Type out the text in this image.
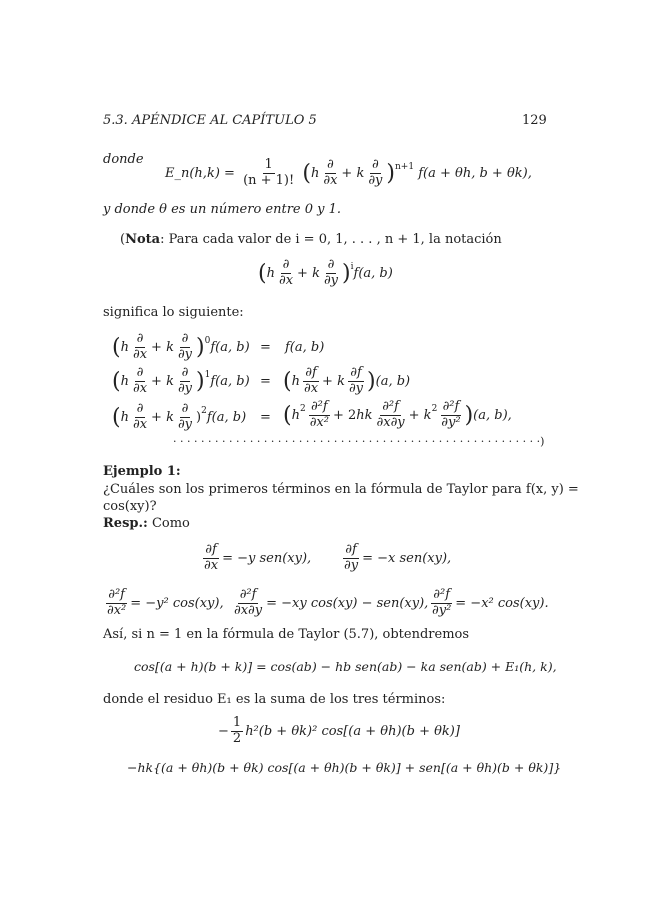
5.3. APÉNDICE AL CAPÍTULO 5	129
donde
E_n(h,k) = $\frac{1}{(n + 1)!} (h \frac{\partial}{\partial x} + k \frac{\partial}{\partial y} )^{n+1}$ f(a + θh, b + θk),
y donde θ es un número entre 0 y 1.
(Nota: Para cada valor de i = 0, 1, . . . , n + 1, la notación
$(h \frac{\partial}{\partial x} + k \frac{\partial}{\partial y} )^if(a$, b)
significa lo siguiente:
$(h \frac{\partial}{\partial x} + k \frac{\partial}{\partial y} )^0f(a$, b) = f(a, b)
$(h \frac{\partial}{\partial x} + k \frac{\partial}{\partial y} )^1f(a$, $b) = (h \frac{\partial f}{\partial x} + k \frac{\partial f}{\partial y} )(a$, b)
$(h \frac{\partial}{\partial x} + k \frac{\partial}{\partial y} )^2f(a$, $b) = (h^2 \frac{\text{∂²f}}{\text{∂x²}} + 2hk \frac{\text{∂²f}}{\partial x\partial y} + k^2 \frac{\text{∂²f}}{\text{∂y²}} )(a$, b),
· · · · · · · · · · · · · · · · · · · · · · · · · · · · · · · · · · · · · · · · · · · · · · · · · · · · ·)
Ejemplo 1:
¿Cuáles son los primeros términos en la fórmula de Taylor para f(x, y) =
cos(xy)?
Resp.: Como
$\frac{\partial f}{\partial x} = -y$ sen(xy), $\frac{\partial f}{\partial y} = -x$ sen(xy),
$\frac{\text{∂²f}}{\text{∂x²}} = -y^2$ cos(xy), $\frac{\text{∂²f}}{\partial x\partial y} = -xy$ cos(xy) − sen(xy), $\frac{\text{∂²f}}{\text{∂y²}} = -x^2$ cos(xy).
Así, si n = 1 en la fórmula de Taylor (5.7), obtendremos
cos[(a + h)(b + k)] = cos(ab) − hb sen(ab) − ka sen(ab) + E₁(h, k),
donde el residuo E₁ es la suma de los tres términos:
− $\frac{1}{2} h^2(b + \theta k)^2$ cos[(a + θh)(b + θk)]
−hk{(a + θh)(b + θk) cos[(a + θh)(b + θk)] + sen[(a + θh)(b + θk)]}
